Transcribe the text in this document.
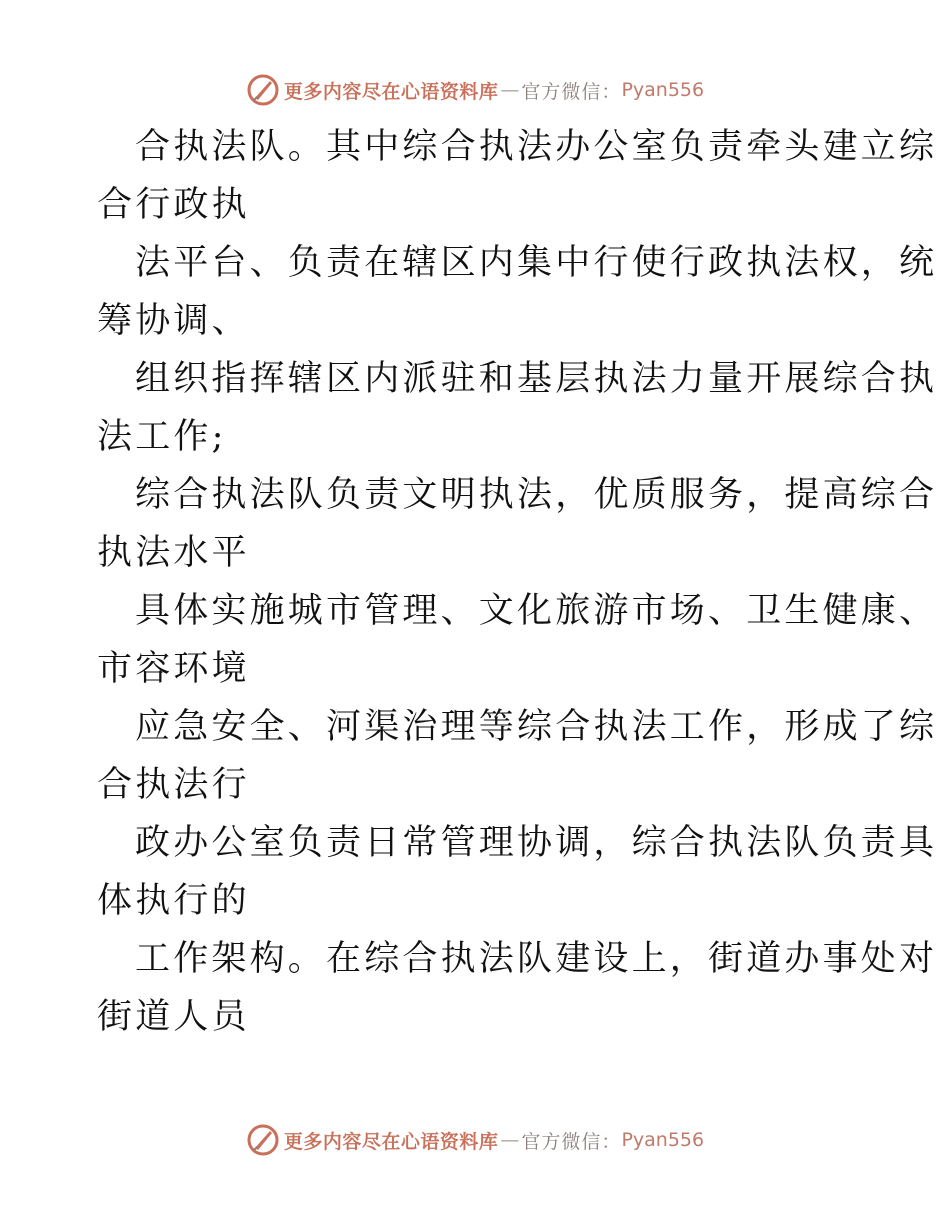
更多内容尽在心语资料库 — 官方微信： Pyan556

合执法队。其中综合执法办公室负责牵头建立综
合行政执

法平台、负责在辖区内集中行使行政执法权，统
筹协调、

组织指挥辖区内派驻和基层执法力量开展综合执
法工作;

综合执法队负责文明执法，优质服务，提高综合
执法水平

具体实施城市管理、文化旅游市场、卫生健康、
市容环境

应急安全、河渠治理等综合执法工作，形成了综
合执法行

政办公室负责日常管理协调，综合执法队负责具
体执行的

工作架构。在综合执法队建设上，街道办事处对
街道人员

更多内容尽在心语资料库 — 官方微信： Pyan556
